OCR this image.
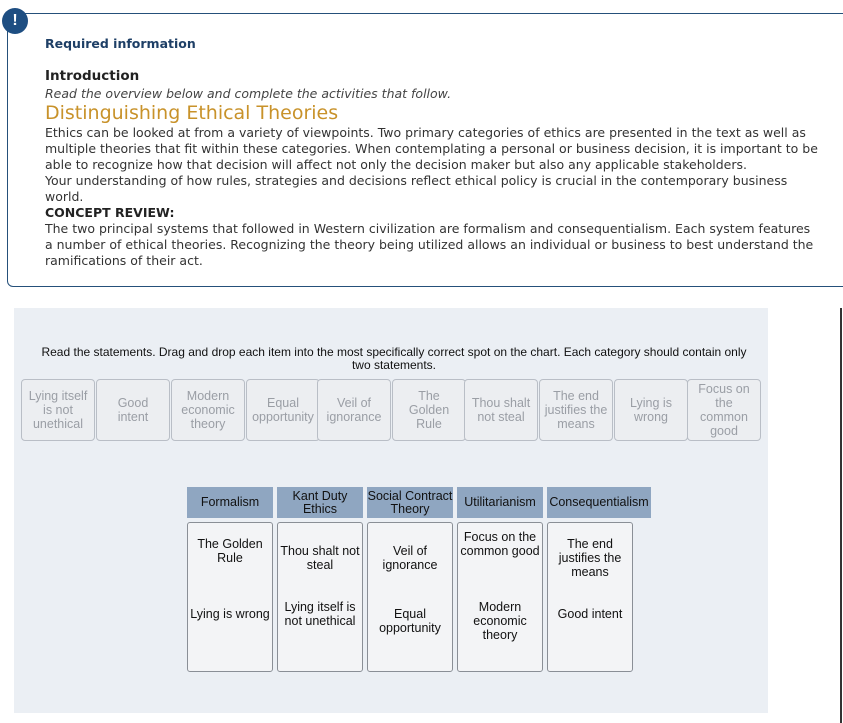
!

Required information

Introduction

Read the overview below and complete the activities that follow.

Distinguishing Ethical Theories

Ethics can be looked at from a variety of viewpoints. Two primary categories of ethics are presented in the text as well as multiple theories that fit within these categories. When contemplating a personal or business decision, it is important to be able to recognize how that decision will affect not only the decision maker but also any applicable stakeholders.

Your understanding of how rules, strategies and decisions reflect ethical policy is crucial in the contemporary business world.

CONCEPT REVIEW:

The two principal systems that followed in Western civilization are formalism and consequentialism. Each system features a number of ethical theories. Recognizing the theory being utilized allows an individual or business to best understand the ramifications of their act.

Read the statements. Drag and drop each item into the most specifically correct spot on the chart. Each category should contain only two statements.
Lying itself is not unethical
Good intent
Modern economic theory
Equal opportunity
Veil of ignorance
The Golden Rule
Thou shalt not steal
The end justifies the means
Lying is wrong
Focus on the common good
Formalism
The Golden Rule
Lying is wrong
Kant Duty Ethics
Thou shalt not steal
Lying itself is not unethical
Social Contract Theory
Veil of ignorance
Equal opportunity
Utilitarianism
Focus on the common good
Modern economic theory
Consequentialism
The end justifies the means
Good intent
